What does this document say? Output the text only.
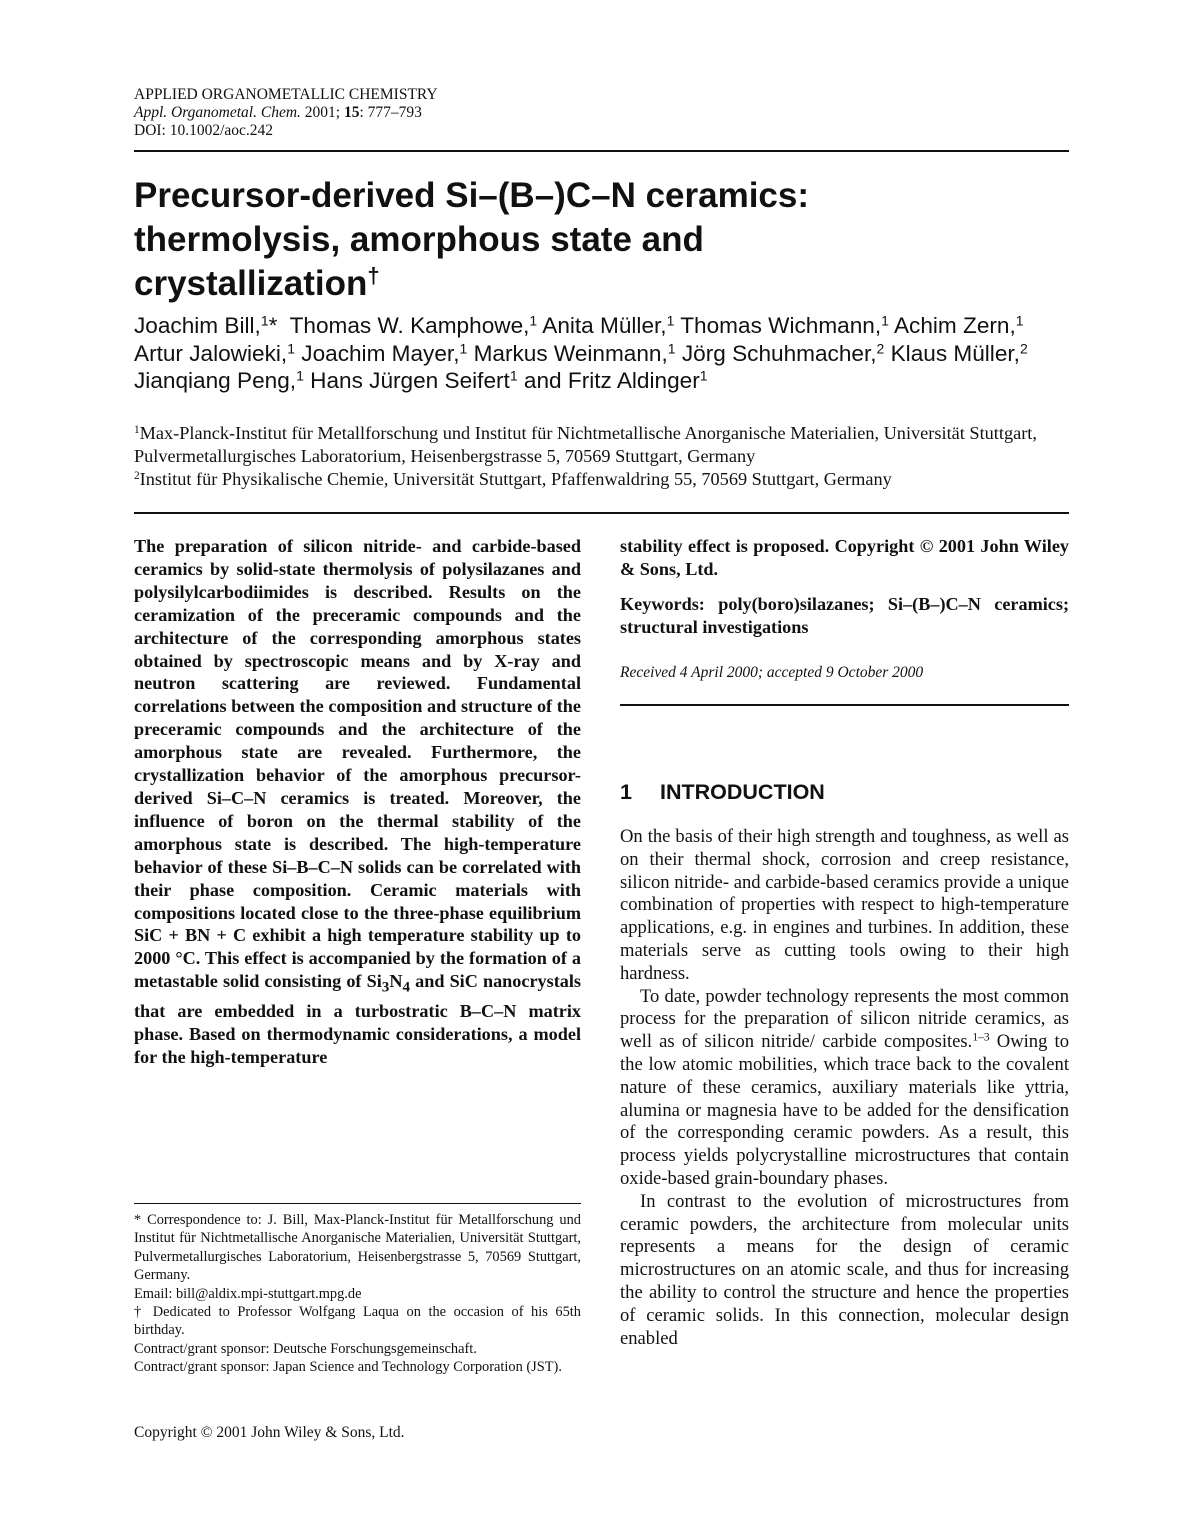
APPLIED ORGANOMETALLIC CHEMISTRY
Appl. Organometal. Chem. 2001; 15: 777–793
DOI: 10.1002/aoc.242
Precursor-derived Si–(B–)C–N ceramics:
thermolysis, amorphous state and
crystallization†
Joachim Bill,$^1$*  Thomas W. Kamphowe,$^1$ Anita Müller,$^1$ Thomas Wichmann,$^1$ Achim Zern,$^1$ Artur Jalowieki,$^1$ Joachim Mayer,$^1$ Markus Weinmann,$^1$ Jörg Schuhmacher,$^2$ Klaus Müller,$^2$ Jianqiang Peng,$^1$ Hans Jürgen Seifert$^1$ and Fritz Aldinger$^1$
$^1$Max-Planck-Institut für Metallforschung und Institut für Nichtmetallische Anorganische Materialien, Universität Stuttgart, Pulvermetallurgisches Laboratorium, Heisenbergstrasse 5, 70569 Stuttgart, Germany
$^2$Institut für Physikalische Chemie, Universität Stuttgart, Pfaffenwaldring 55, 70569 Stuttgart, Germany

The preparation of silicon nitride- and carbide-based ceramics by solid-state thermolysis of polysilazanes and polysilylcarbodiimides is described. Results on the ceramization of the preceramic compounds and the architecture of the corresponding amorphous states obtained by spectroscopic means and by X-ray and neutron scattering are reviewed. Fundamental correlations between the composition and structure of the preceramic compounds and the architecture of the amorphous state are revealed. Furthermore, the crystallization behavior of the amorphous precursor-derived Si–C–N ceramics is treated. Moreover, the influence of boron on the thermal stability of the amorphous state is described. The high-temperature behavior of these Si–B–C–N solids can be correlated with their phase composition. Ceramic materials with compositions located close to the three-phase equilibrium SiC + BN + C exhibit a high temperature stability up to 2000 °C. This effect is accompanied by the formation of a metastable solid consisting of $Si_3N_4$ and SiC nanocrystals that are embedded in a turbostratic B–C–N matrix phase. Based on thermodynamic considerations, a model for the high-temperature

stability effect is proposed. Copyright © 2001 John Wiley & Sons, Ltd.

Keywords: poly(boro)silazanes; Si–(B–)C–N ceramics; structural investigations

Received 4 April 2000; accepted 9 October 2000

1 INTRODUCTION

On the basis of their high strength and toughness, as well as on their thermal shock, corrosion and creep resistance, silicon nitride- and carbide-based ceramics provide a unique combination of properties with respect to high-temperature applications, e.g. in engines and turbines. In addition, these materials serve as cutting tools owing to their high hardness.

To date, powder technology represents the most common process for the preparation of silicon nitride ceramics, as well as of silicon nitride/ carbide composites.$^{1-3}$ Owing to the low atomic mobilities, which trace back to the covalent nature of these ceramics, auxiliary materials like yttria, alumina or magnesia have to be added for the densification of the corresponding ceramic powders. As a result, this process yields polycrystalline microstructures that contain oxide-based grain-boundary phases.

In contrast to the evolution of microstructures from ceramic powders, the architecture from molecular units represents a means for the design of ceramic microstructures on an atomic scale, and thus for increasing the ability to control the structure and hence the properties of ceramic solids. In this connection, molecular design enabled

* Correspondence to: J. Bill, Max-Planck-Institut für Metallforschung und Institut für Nichtmetallische Anorganische Materialien, Universität Stuttgart, Pulvermetallurgisches Laboratorium, Heisenbergstrasse 5, 70569 Stuttgart, Germany.

Email: bill@aldix.mpi-stuttgart.mpg.de

† Dedicated to Professor Wolfgang Laqua on the occasion of his 65th birthday.

Contract/grant sponsor: Deutsche Forschungsgemeinschaft.

Contract/grant sponsor: Japan Science and Technology Corporation (JST).

Copyright © 2001 John Wiley & Sons, Ltd.
